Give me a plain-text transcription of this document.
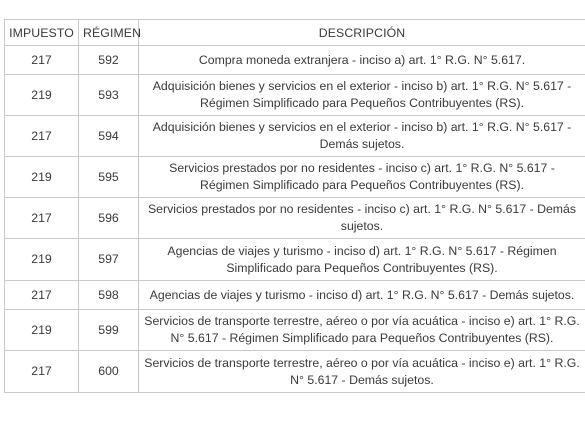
IMPUESTO	RÉGIMEN	DESCRIPCIÓN
217	592	Compra moneda extranjera - inciso a) art. 1° R.G. N° 5.617.
219	593	Adquisición bienes y servicios en el exterior - inciso b) art. 1° R.G. N° 5.617 - Régimen Simplificado para Pequeños Contribuyentes (RS).
217	594	Adquisición bienes y servicios en el exterior - inciso b) art. 1° R.G. N° 5.617 - Demás sujetos.
219	595	Servicios prestados por no residentes - inciso c) art. 1° R.G. N° 5.617 - Régimen Simplificado para Pequeños Contribuyentes (RS).
217	596	Servicios prestados por no residentes - inciso c) art. 1° R.G. N° 5.617 - Demás sujetos.
219	597	Agencias de viajes y turismo - inciso d) art. 1° R.G. N° 5.617 - Régimen Simplificado para Pequeños Contribuyentes (RS).
217	598	Agencias de viajes y turismo - inciso d) art. 1° R.G. N° 5.617 - Demás sujetos.
219	599	Servicios de transporte terrestre, aéreo o por vía acuática - inciso e) art. 1° R.G. N° 5.617 - Régimen Simplificado para Pequeños Contribuyentes (RS).
217	600	Servicios de transporte terrestre, aéreo o por vía acuática - inciso e) art. 1° R.G. N° 5.617 - Demás sujetos.
